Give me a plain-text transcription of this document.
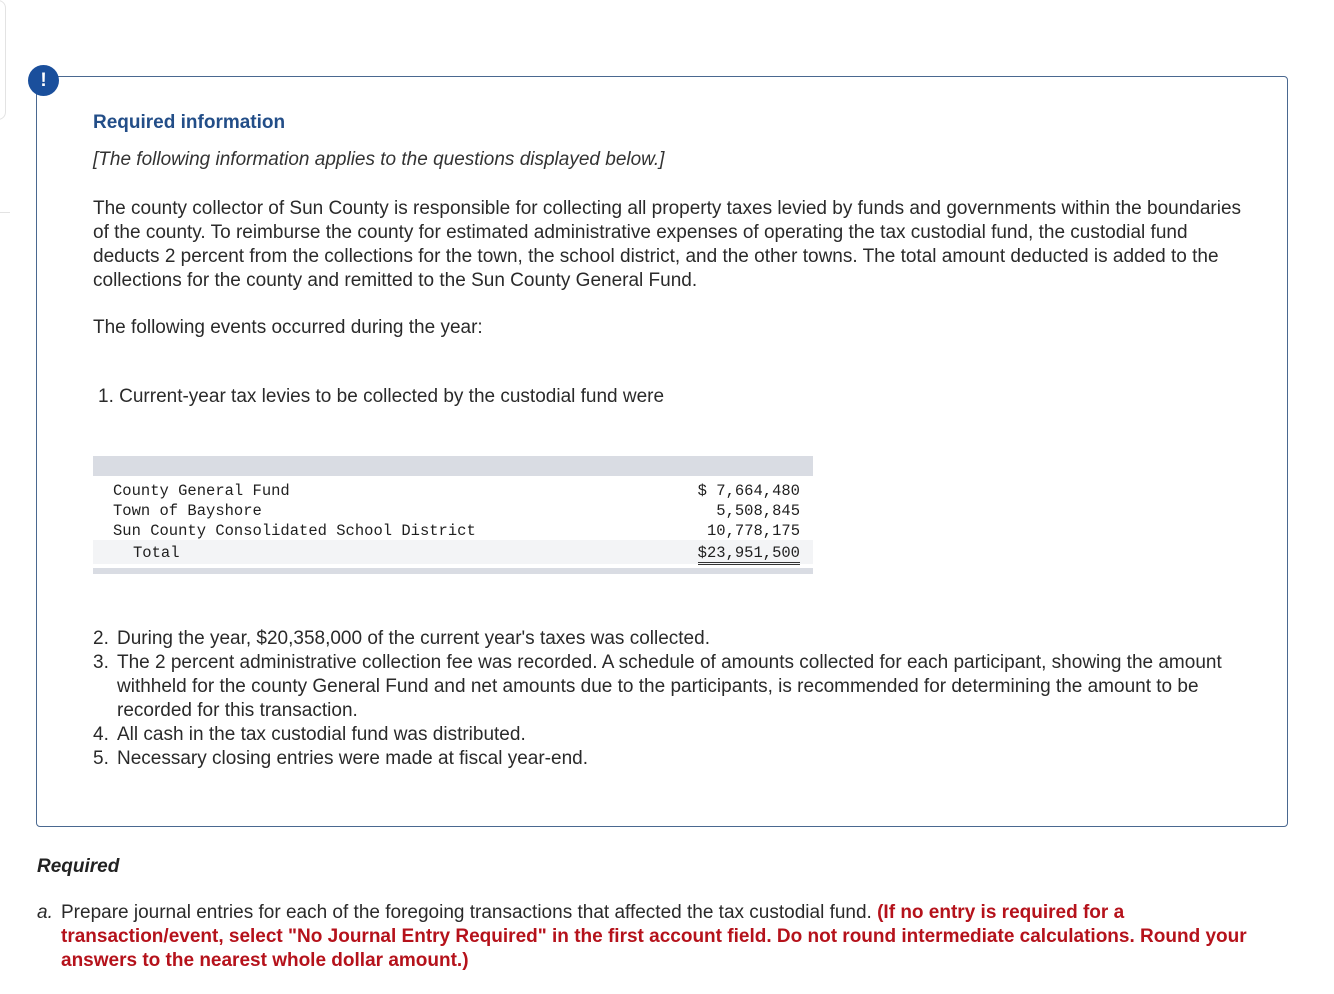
!
Required information
[The following information applies to the questions displayed below.]
The county collector of Sun County is responsible for collecting all property taxes levied by funds and governments within the boundaries of the county. To reimburse the county for estimated administrative expenses of operating the tax custodial fund, the custodial fund deducts 2 percent from the collections for the town, the school district, and the other towns. The total amount deducted is added to the collections for the county and remitted to the Sun County General Fund.
The following events occurred during the year:
1. Current-year tax levies to be collected by the custodial fund were
County General Fund	$ 7,664,480
Town of Bayshore	5,508,845
Sun County Consolidated School District	10,778,175
Total	$23,951,500
2. During the year, $20,358,000 of the current year's taxes was collected.
3. The 2 percent administrative collection fee was recorded. A schedule of amounts collected for each participant, showing the amount withheld for the county General Fund and net amounts due to the participants, is recommended for determining the amount to be recorded for this transaction.
4. All cash in the tax custodial fund was distributed.
5. Necessary closing entries were made at fiscal year-end.
Required
a. Prepare journal entries for each of the foregoing transactions that affected the tax custodial fund. (If no entry is required for a transaction/event, select "No Journal Entry Required" in the first account field. Do not round intermediate calculations. Round your answers to the nearest whole dollar amount.)
